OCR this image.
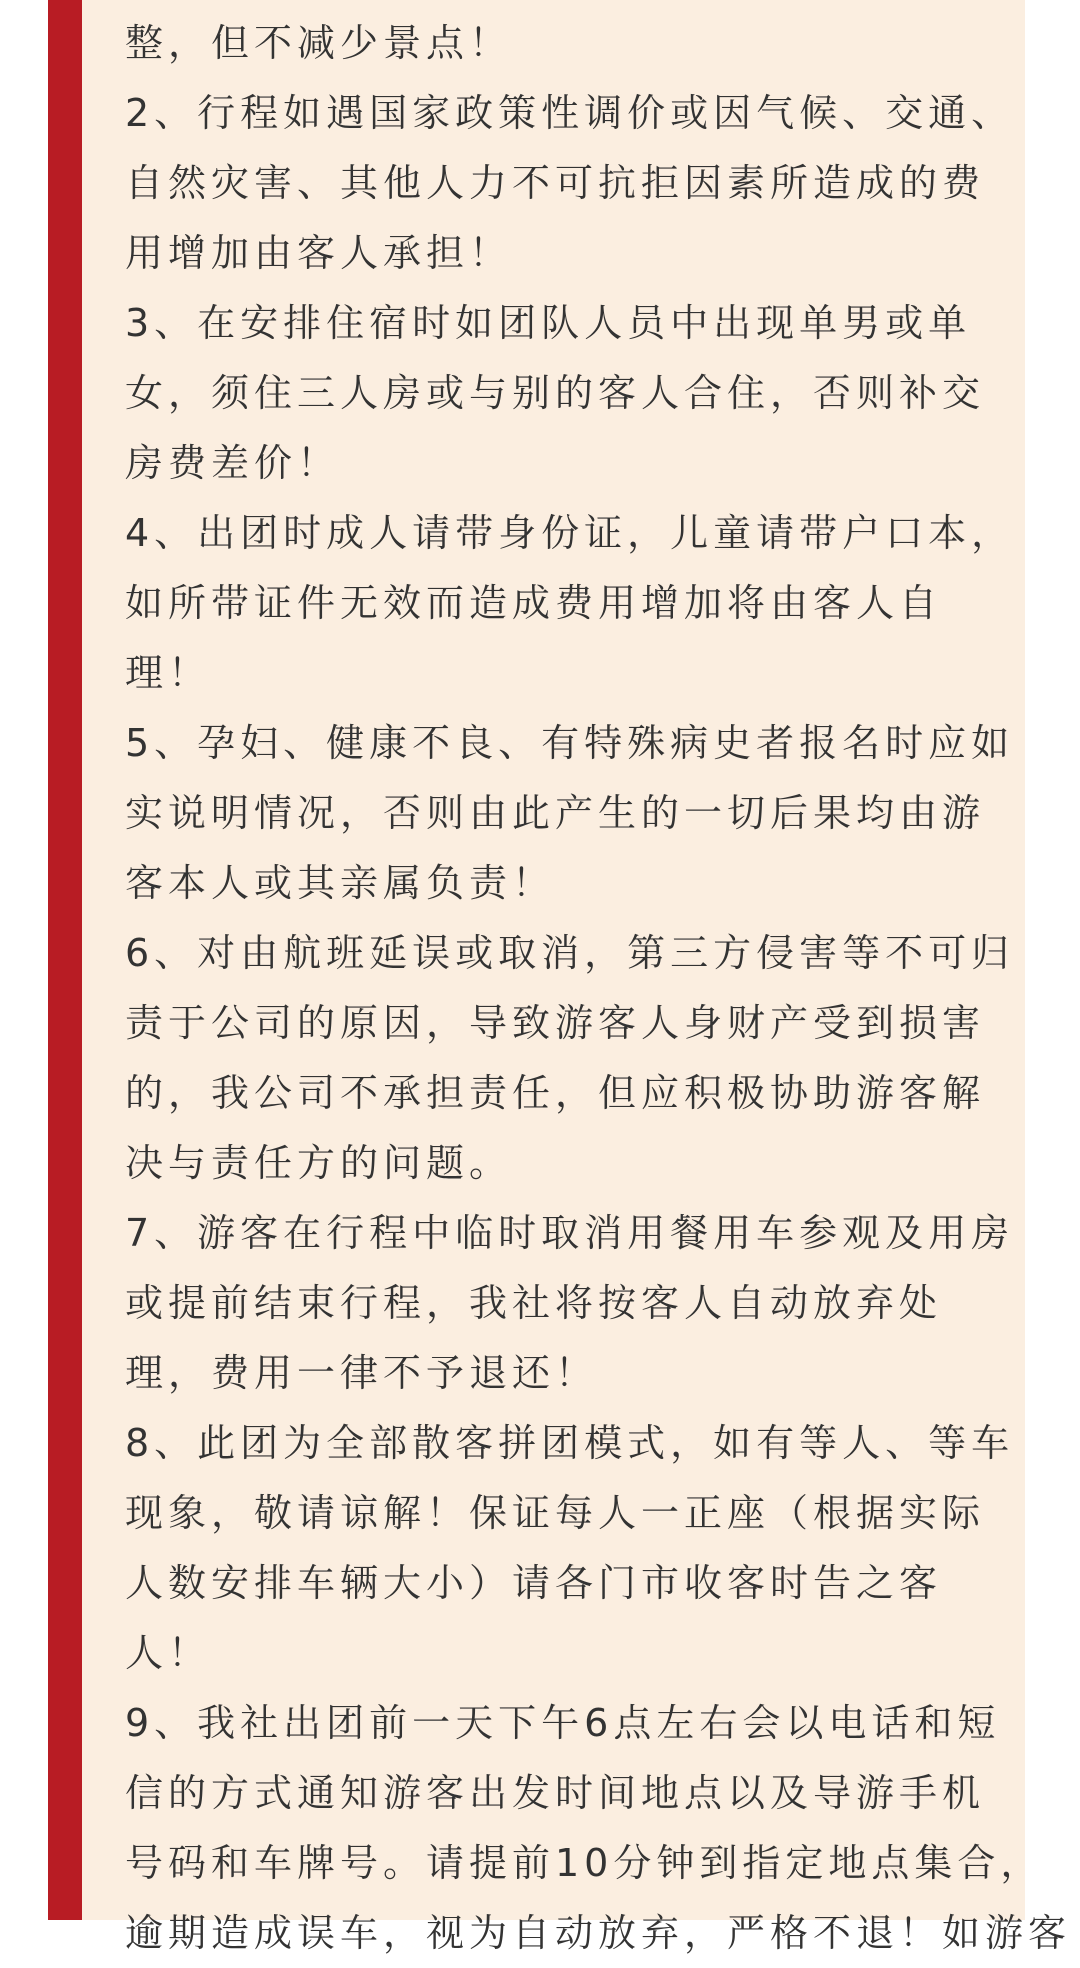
整，但不减少景点！
2、行程如遇国家政策性调价或因气候、交通、
自然灾害、其他人力不可抗拒因素所造成的费
用增加由客人承担！
3、在安排住宿时如团队人员中出现单男或单
女，须住三人房或与别的客人合住，否则补交
房费差价！
4、出团时成人请带身份证，儿童请带户口本，
如所带证件无效而造成费用增加将由客人自
理！
5、孕妇、健康不良、有特殊病史者报名时应如
实说明情况，否则由此产生的一切后果均由游
客本人或其亲属负责！
6、对由航班延误或取消，第三方侵害等不可归
责于公司的原因，导致游客人身财产受到损害
的，我公司不承担责任，但应积极协助游客解
决与责任方的问题。
7、游客在行程中临时取消用餐用车参观及用房
或提前结束行程，我社将按客人自动放弃处
理，费用一律不予退还！
8、此团为全部散客拼团模式，如有等人、等车
现象，敬请谅解！保证每人一正座（根据实际
人数安排车辆大小）请各门市收客时告之客
人！
9、我社出团前一天下午6点左右会以电话和短
信的方式通知游客出发时间地点以及导游手机
号码和车牌号。请提前10分钟到指定地点集合，
逾期造成误车，视为自动放弃，严格不退！如游客
